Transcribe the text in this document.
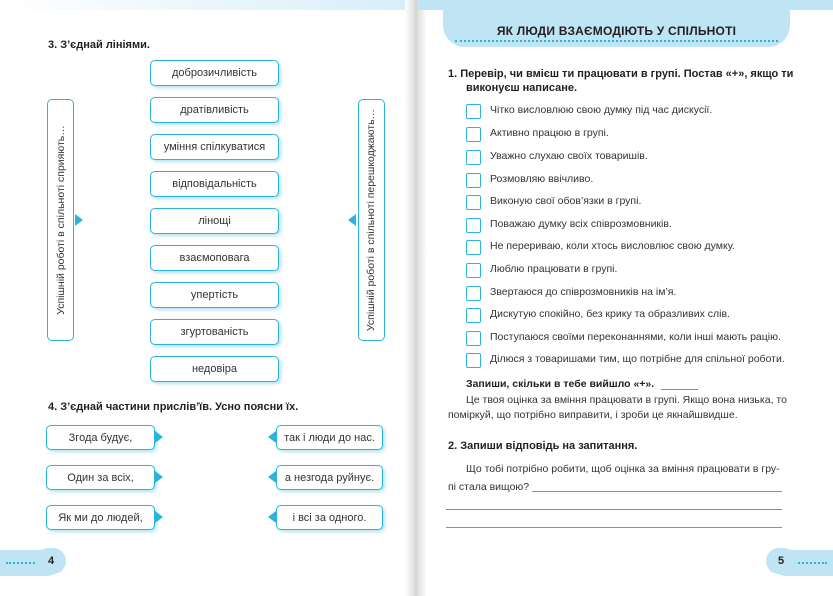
3. З’єднай лініями.
Успішній роботі в спільноті сприяють…	Успішній роботі в спільноті перешкоджають…
доброзичливість
дратівливість
уміння спілкуватися
відповідальність
лінощі
взаємоповага
упертість
згуртованість
недовіра
4. З’єднай частини прислів’їв. Усно поясни їх.
Згода будує,
Один за всіх,
Як ми до людей,
так і люди до нас.
а незгода руйнує.
і всі за одного.
4
ЯК ЛЮДИ ВЗАЄМОДІЮТЬ У СПІЛЬНОТІ
1. Перевір, чи вмієш ти працювати в групі. Постав «+», якщо ти
виконуєш написане.
Чітко висловлюю свою думку під час дискусії.
Активно працюю в групі.
Уважно слухаю своїх товаришів.
Розмовляю ввічливо.
Виконую свої обов’язки в групі.
Поважаю думку всіх співрозмовників.
Не перериваю, коли хтось висловлює свою думку.
Люблю працювати в групі.
Звертаюся до співрозмовників на ім’я.
Дискутую спокійно, без крику та образливих слів.
Поступаюся своїми переконаннями, коли інші мають рацію.
Ділюся з товаришами тим, що потрібне для спільної роботи.
Запиши, скільки в тебе вийшло «+».
Це твоя оцінка за вміння працювати в групі. Якщо вона низька, то
поміркуй, що потрібно виправити, і зроби це якнайшвидше.
2. Запиши відповідь на запитання.
Що тобі потрібно робити, щоб оцінка за вміння працювати в гру-
пі стала вищою?
5
